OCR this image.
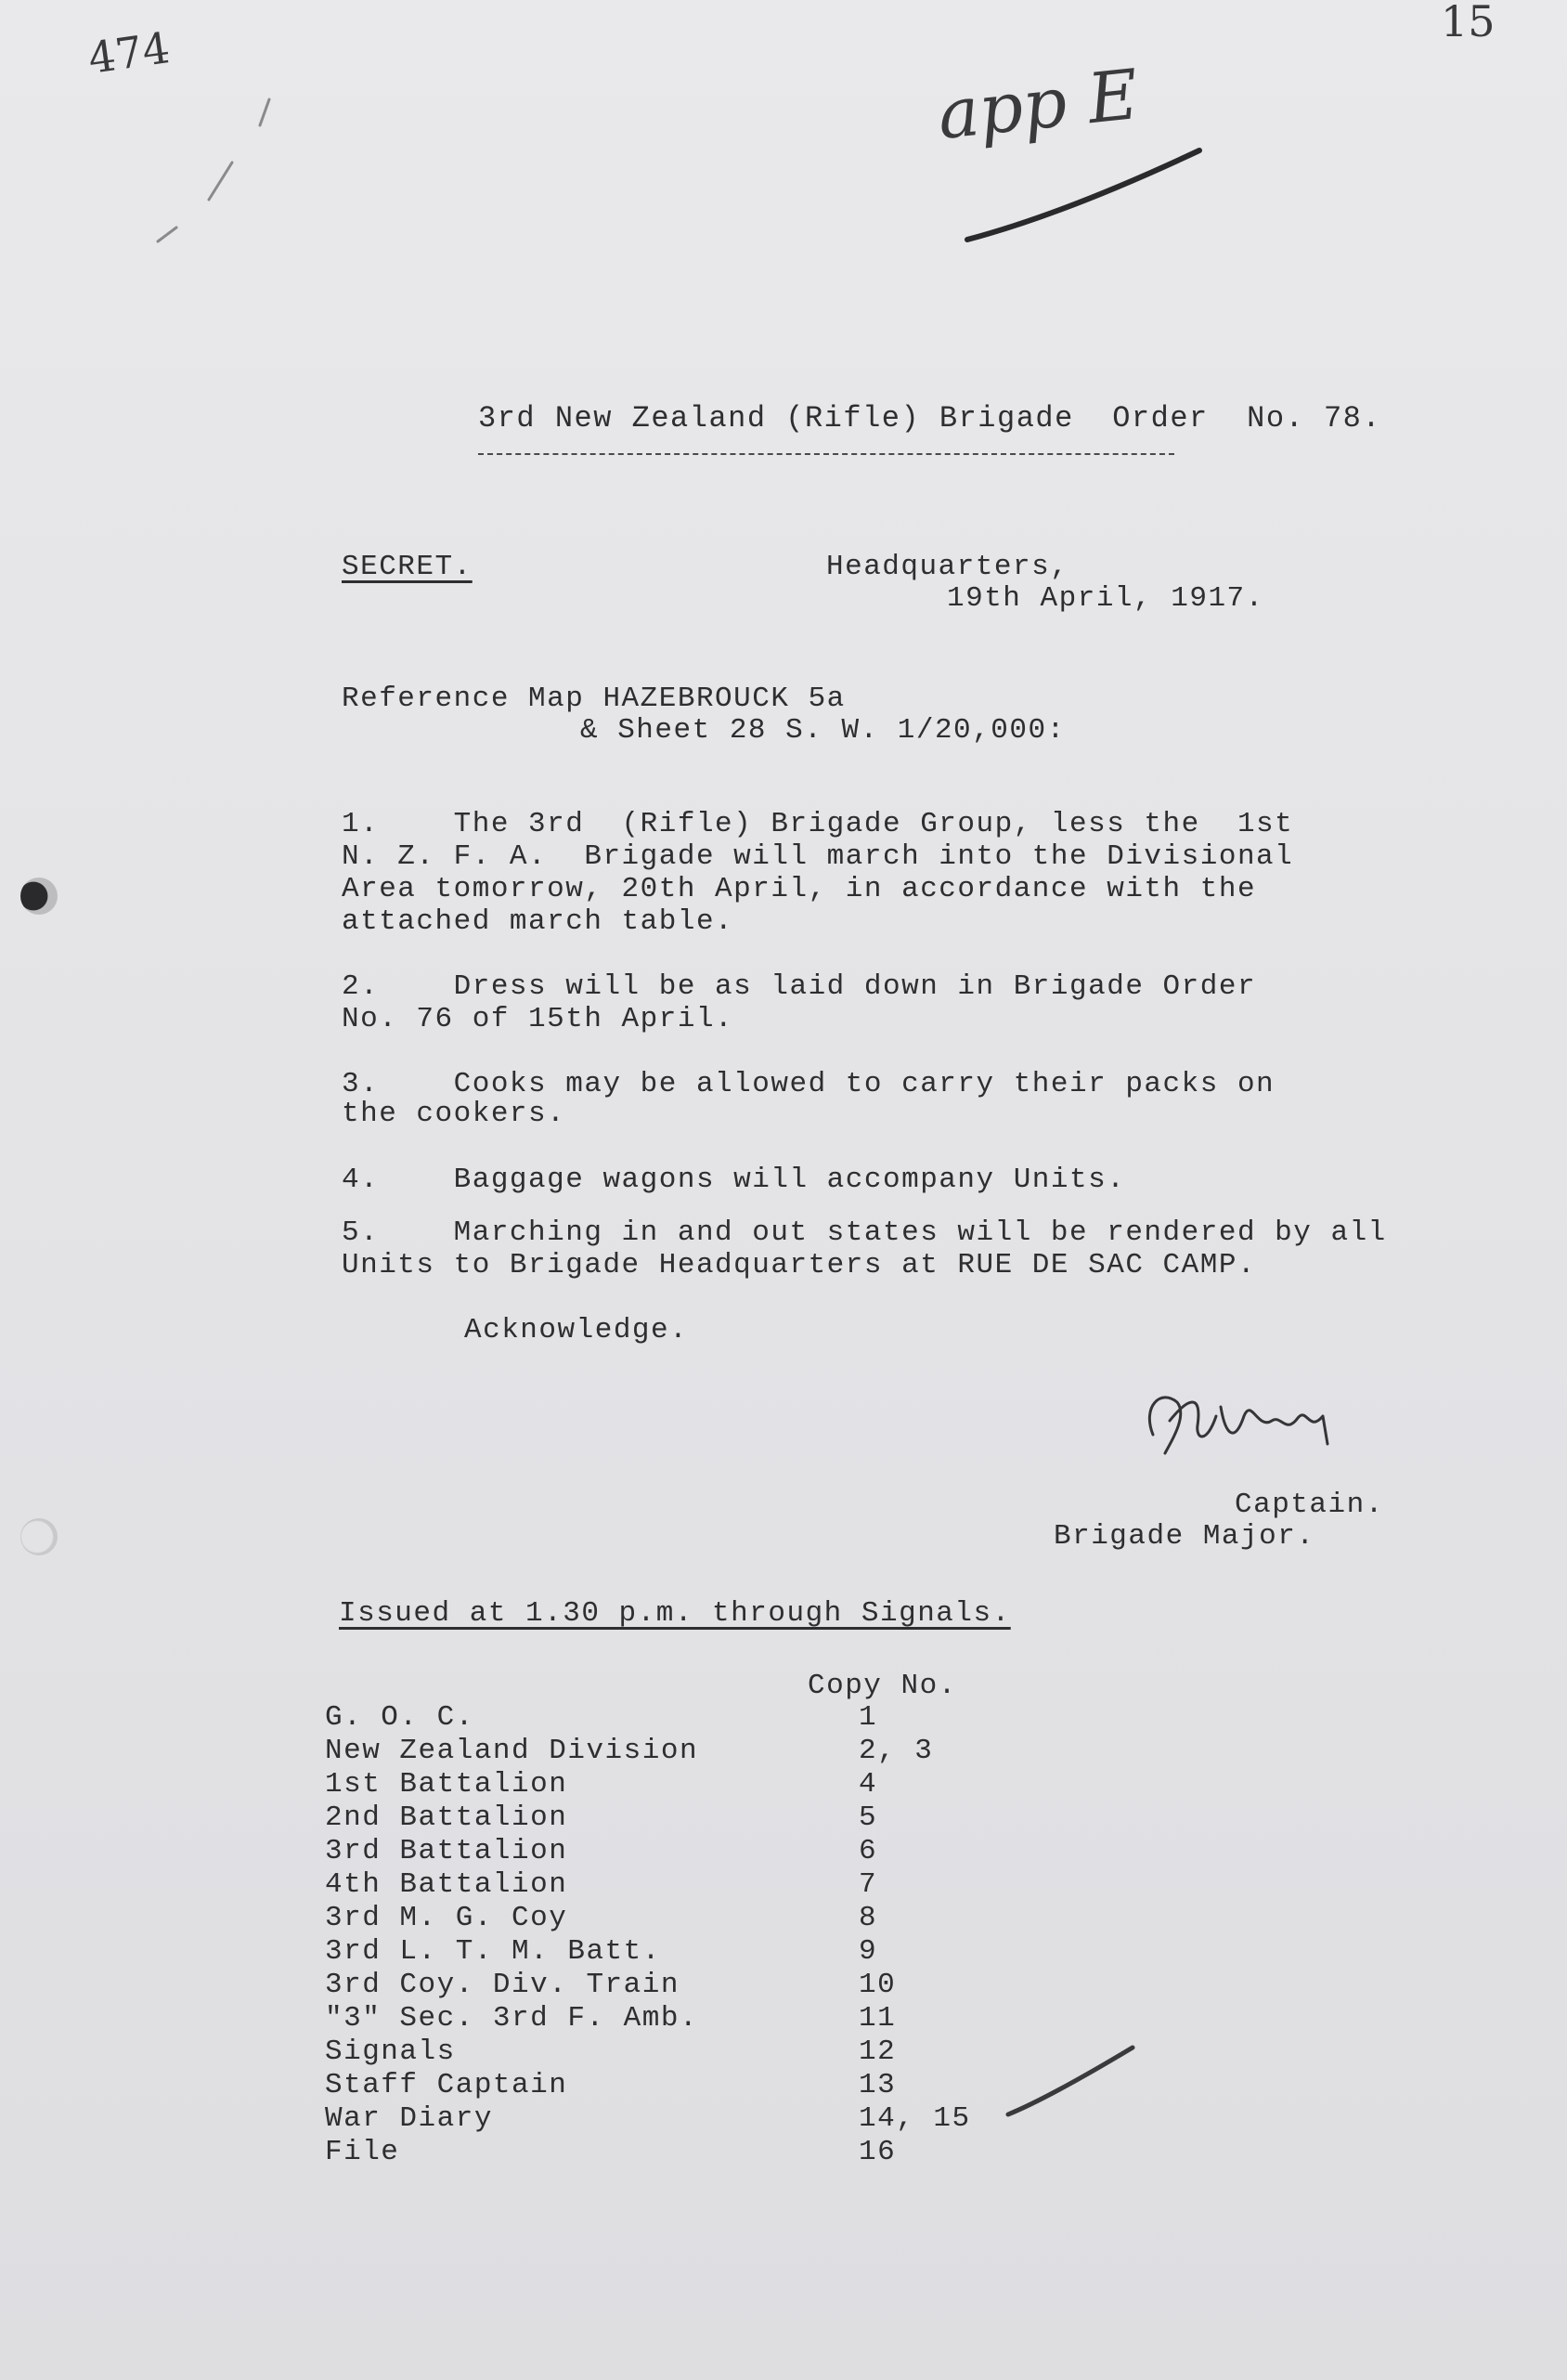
474
15
app E
3rd New Zealand (Rifle) Brigade  Order  No. 78.
SECRET.	Headquarters,
19th April, 1917.
Reference Map HAZEBROUCK 5a
& Sheet 28 S. W. 1/20,000:
1.    The 3rd  (Rifle) Brigade Group, less the  1st
N. Z. F. A.  Brigade will march into the Divisional
Area tomorrow, 20th April, in accordance with the
attached march table.
2.    Dress will be as laid down in Brigade Order
No. 76 of 15th April.
3.    Cooks may be allowed to carry their packs on
the cookers.
4.    Baggage wagons will accompany Units.
5.    Marching in and out states will be rendered by all
Units to Brigade Headquarters at RUE DE SAC CAMP.
Acknowledge.
Captain.
Brigade Major.
Issued at 1.30 p.m. through Signals.
Copy No.
G. O. C.	1
New Zealand Division	2, 3
1st Battalion	4
2nd Battalion	5
3rd Battalion	6
4th Battalion	7
3rd M. G. Coy	8
3rd L. T. M. Batt.	9
3rd Coy. Div. Train	10
"3" Sec. 3rd F. Amb.	11
Signals	12
Staff Captain	13
War Diary	14, 15
File	16
